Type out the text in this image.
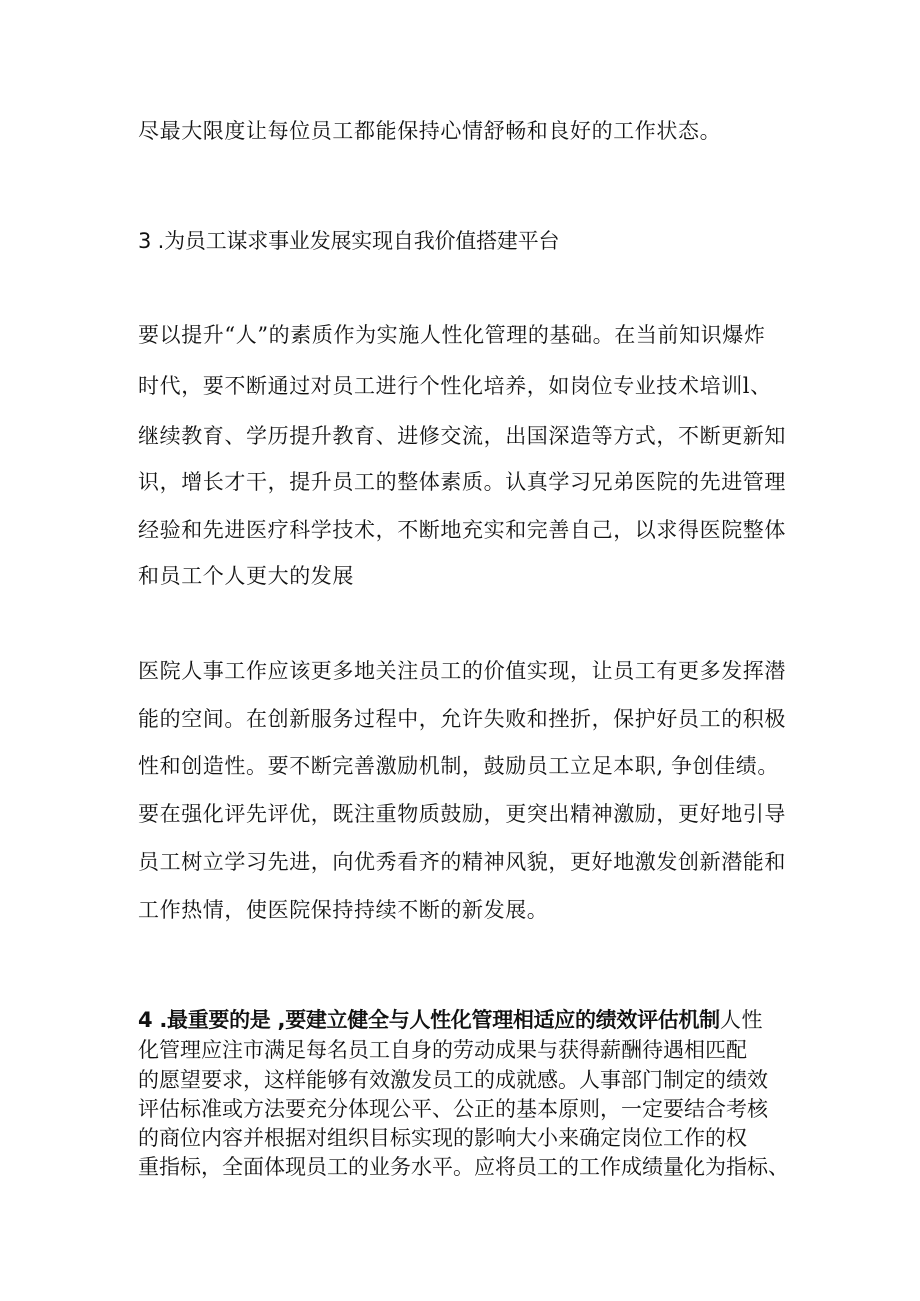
尽最大限度让每位员工都能保持心情舒畅和良好的工作状态。
3 .为员工谋求事业发展实现自我价值搭建平台
要以提升“人”的素质作为实施人性化管理的基础。在当前知识爆炸
时代，要不断通过对员工进行个性化培养，如岗位专业技术培训l、
继续教育、学历提升教育、进修交流，出国深造等方式，不断更新知
识，增长才干，提升员工的整体素质。认真学习兄弟医院的先进管理
经验和先进医疗科学技术，不断地充实和完善自己，以求得医院整体
和员工个人更大的发展
医院人事工作应该更多地关注员工的价值实现，让员工有更多发挥潜
能的空间。在创新服务过程中，允许失败和挫折，保护好员工的积极
性和创造性。要不断完善激励机制，鼓励员工立足本职, 争创佳绩。
要在强化评先评优，既注重物质鼓励，更突出精神激励，更好地引导
员工树立学习先进，向优秀看齐的精神风貌，更好地激发创新潜能和
工作热情，使医院保持持续不断的新发展。
4 .最重要的是 ,要建立健全与人性化管理相适应的绩效评估机制人性
化管理应注市满足每名员工自身的劳动成果与获得薪酬待遇相匹配
的愿望要求，这样能够有效激发员工的成就感。人事部门制定的绩效
评估标准或方法要充分体现公平、公正的基本原则，一定要结合考核
的商位内容并根据对组织目标实现的影响大小来确定岗位工作的权
重指标，全面体现员工的业务水平。应将员工的工作成绩量化为指标、
